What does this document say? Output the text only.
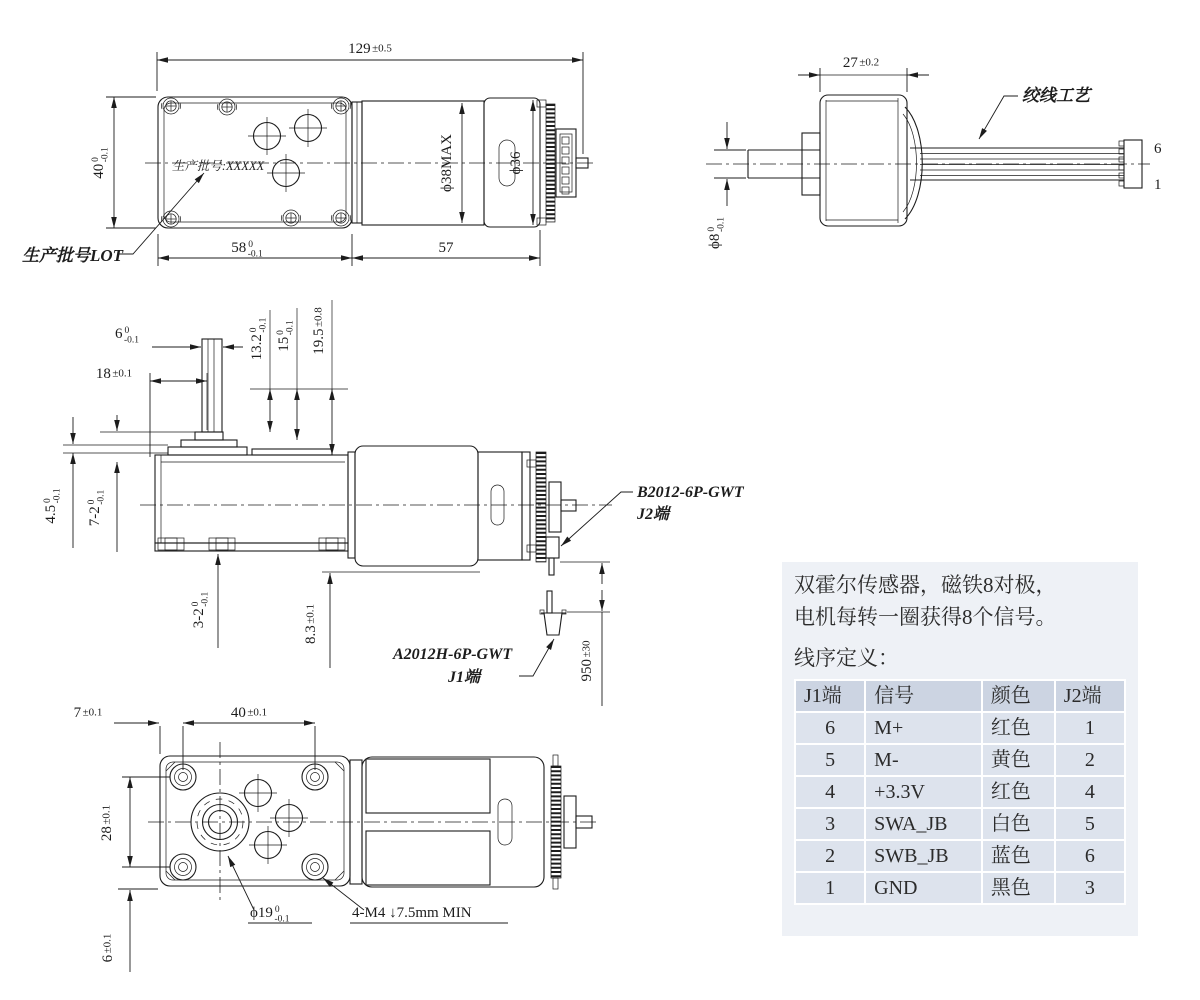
生产批号:XXXXX
129 ±0.5
$40^0-0.1$
58 $^0$ -0.1	57
ϕ38MAX	ϕ36
生产批号LOT
6
1
27 ±0.2
$\phi 8^0-0.1$
绞线工艺
6 $^0$ -0.1
18 ±0.1
13.2$^0$-0.1
$15^0-0.1$
19.5±0.8
$4.5^0-0.1$
$7-2^0-0.1$
$3-2^0-0.1$
8.3±0.1
950±30
B2012-6P-GWT
J2端
A2012H-6P-GWT
J1端
7 ±0.1	40 ±0.1
28±0.1
6±0.1
ϕ19 $^0$ -0.1	4-M4 ↓7.5mm MIN
双霍尔传感器，磁铁8对极，
电机每转一圈获得8个信号。
线序定义：
J1端	信号	颜色	J2端
6	M+	红色	1
5	M-	黄色	2
4	+3.3V	红色	4
3	SWA_JB	白色	5
2	SWB_JB	蓝色	6
1	GND	黑色	3
